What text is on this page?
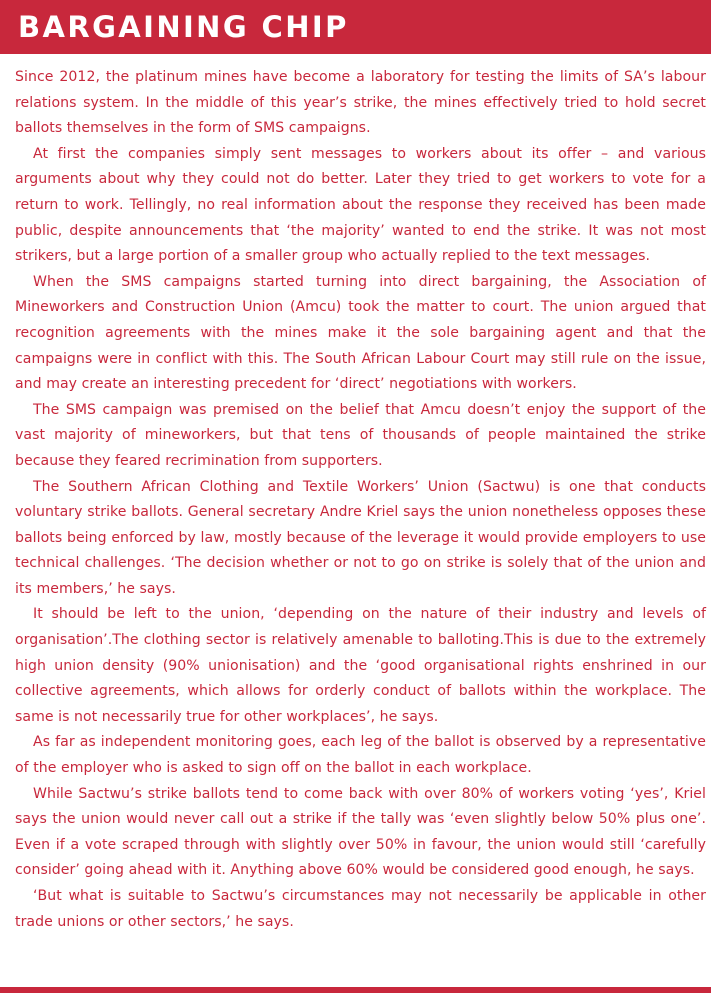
BARGAINING CHIP

Since 2012, the platinum mines have become a laboratory for testing the limits of SA’s labour relations system. In the middle of this year’s strike, the mines effectively tried to hold secret ballots themselves in the form of SMS campaigns.

At first the companies simply sent messages to workers about its offer – and various arguments about why they could not do better. Later they tried to get workers to vote for a return to work. Tellingly, no real information about the response they received has been made public, despite announcements that ‘the majority’ wanted to end the strike. It was not most strikers, but a large portion of a smaller group who actually replied to the text messages.

When the SMS campaigns started turning into direct bargaining, the Association of Mineworkers and Construction Union (Amcu) took the matter to court. The union argued that recognition agreements with the mines make it the sole bargaining agent and that the campaigns were in conflict with this. The South African Labour Court may still rule on the issue, and may create an interesting precedent for ‘direct’ negotiations with workers.

The SMS campaign was premised on the belief that Amcu doesn’t enjoy the support of the vast majority of mineworkers, but that tens of thousands of people maintained the strike because they feared recrimination from supporters.

The Southern African Clothing and Textile Workers’ Union (Sactwu) is one that conducts voluntary strike ballots. General secretary Andre Kriel says the union nonetheless opposes these ballots being enforced by law, mostly because of the leverage it would provide employers to use technical challenges. ‘The decision whether or not to go on strike is solely that of the union and its members,’ he says.

It should be left to the union, ‘depending on the nature of their industry and levels of organisation’.The clothing sector is relatively amenable to balloting.This is due to the extremely high union density (90% unionisation) and the ‘good organisational rights enshrined in our collective agreements, which allows for orderly conduct of ballots within the workplace. The same is not necessarily true for other workplaces’, he says.

As far as independent monitoring goes, each leg of the ballot is observed by a representative of the employer who is asked to sign off on the ballot in each workplace.

While Sactwu’s strike ballots tend to come back with over 80% of workers voting ‘yes’, Kriel says the union would never call out a strike if the tally was ‘even slightly below 50% plus one’. Even if a vote scraped through with slightly over 50% in favour, the union would still ‘carefully consider’ going ahead with it. Anything above 60% would be considered good enough, he says.

‘But what is suitable to Sactwu’s circumstances may not necessarily be applicable in other trade unions or other sectors,’ he says.
